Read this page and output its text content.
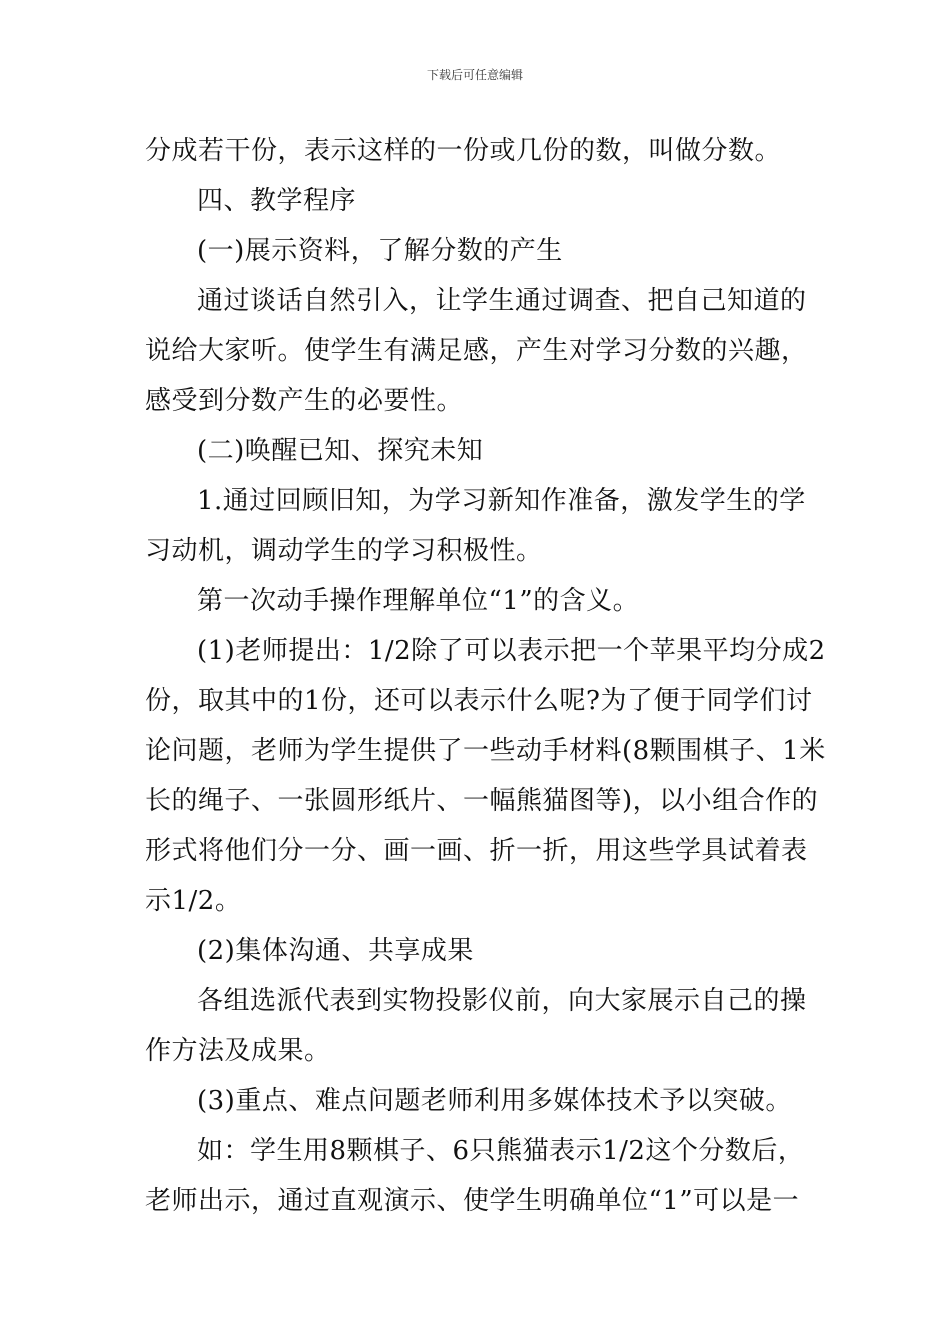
下载后可任意编辑
分成若干份，表示这样的一份或几份的数，叫做分数。
四、教学程序
(一)展示资料，了解分数的产生
通过谈话自然引入，让学生通过调查、把自己知道的
说给大家听。使学生有满足感，产生对学习分数的兴趣，
感受到分数产生的必要性。
(二)唤醒已知、探究未知
1.通过回顾旧知，为学习新知作准备，激发学生的学
习动机，调动学生的学习积极性。
第一次动手操作理解单位“1”的含义。
(1)老师提出：1/2除了可以表示把一个苹果平均分成2
份，取其中的1份，还可以表示什么呢?为了便于同学们讨
论问题，老师为学生提供了一些动手材料(8颗围棋子、1米
长的绳子、一张圆形纸片、一幅熊猫图等)，以小组合作的
形式将他们分一分、画一画、折一折，用这些学具试着表
示1/2。
(2)集体沟通、共享成果
各组选派代表到实物投影仪前，向大家展示自己的操
作方法及成果。
(3)重点、难点问题老师利用多媒体技术予以突破。
如：学生用8颗棋子、6只熊猫表示1/2这个分数后，
老师出示，通过直观演示、使学生明确单位“1”可以是一
